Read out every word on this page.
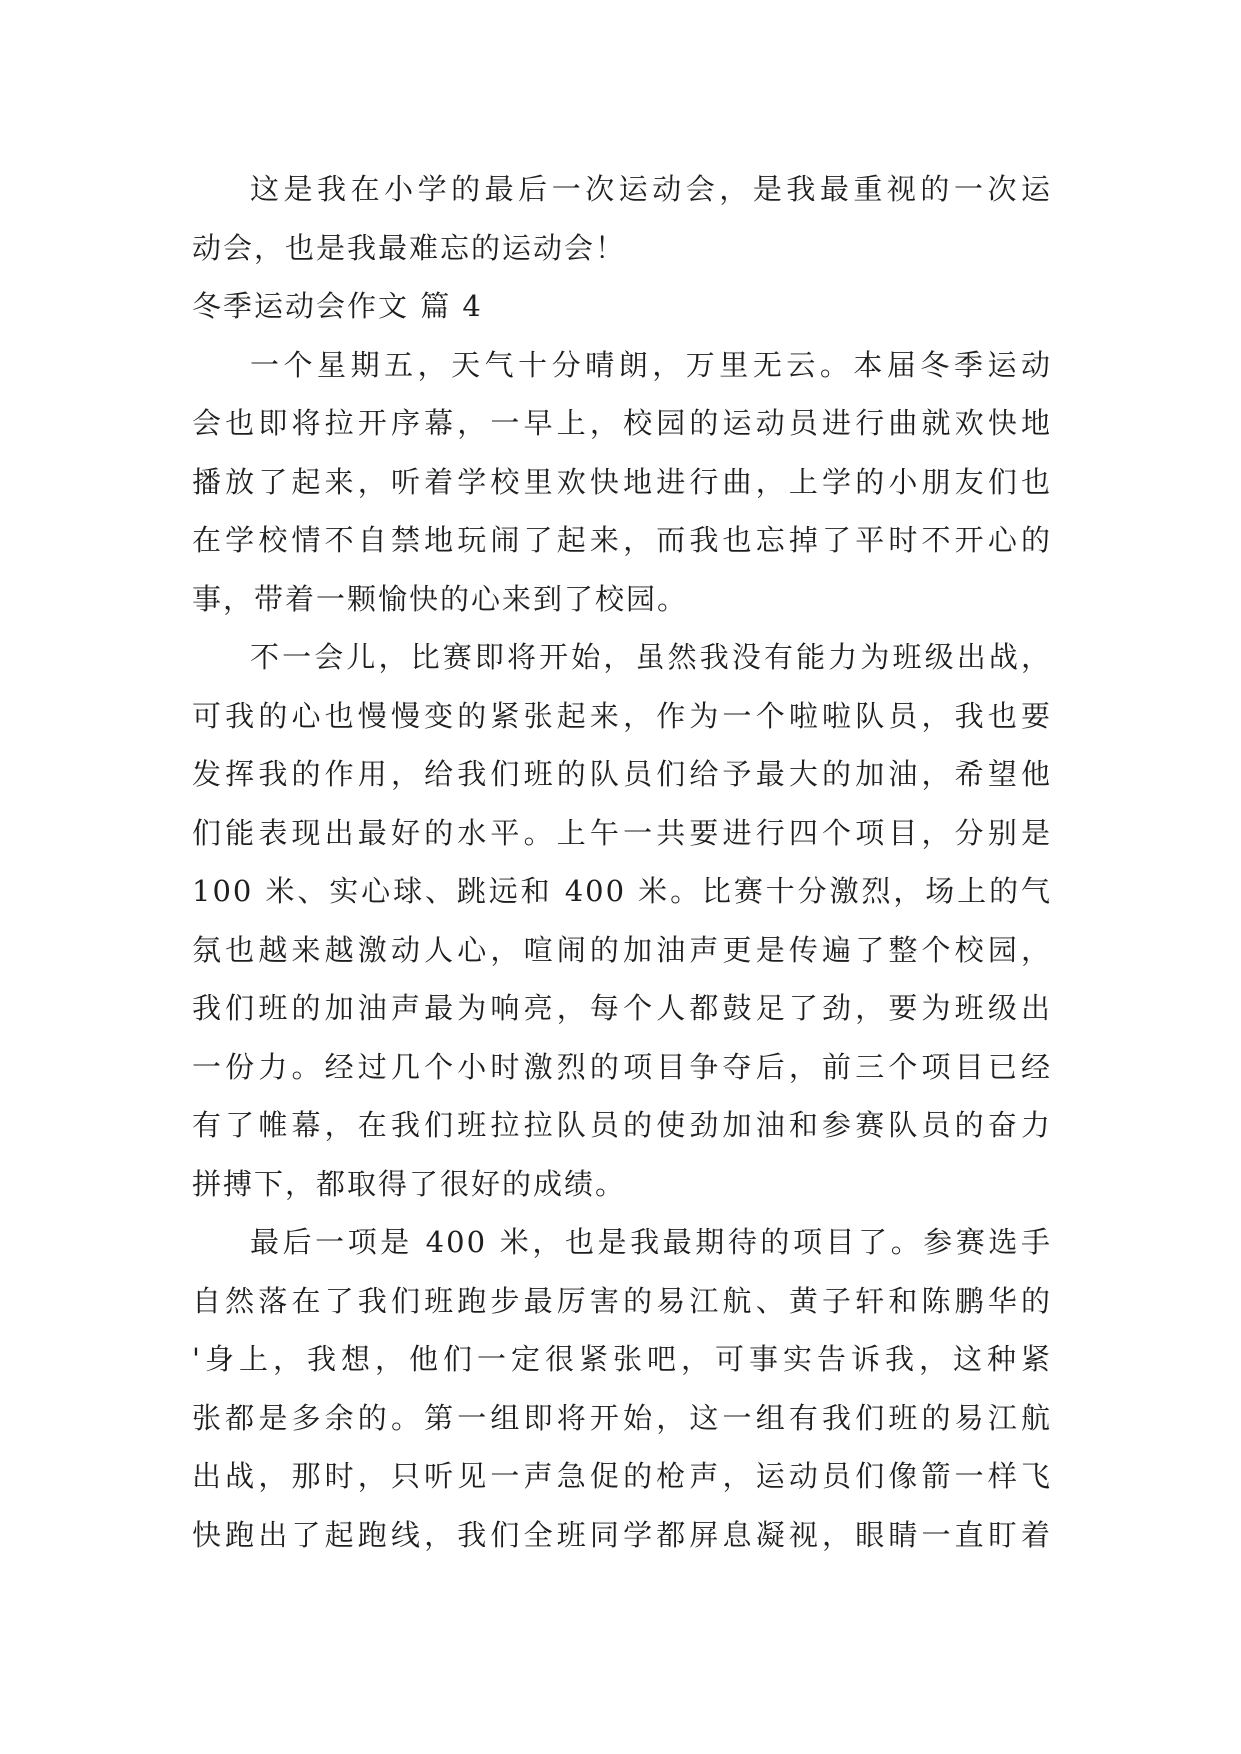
这是我在小学的最后一次运动会，是我最重视的一次运
动会，也是我最难忘的运动会！
冬季运动会作文 篇 4
一个星期五，天气十分晴朗，万里无云。本届冬季运动
会也即将拉开序幕，一早上，校园的运动员进行曲就欢快地
播放了起来，听着学校里欢快地进行曲，上学的小朋友们也
在学校情不自禁地玩闹了起来，而我也忘掉了平时不开心的
事，带着一颗愉快的心来到了校园。
不一会儿，比赛即将开始，虽然我没有能力为班级出战，
可我的心也慢慢变的紧张起来，作为一个啦啦队员，我也要
发挥我的作用，给我们班的队员们给予最大的加油，希望他
们能表现出最好的水平。上午一共要进行四个项目，分别是
100 米、实心球、跳远和 400 米。比赛十分激烈，场上的气
氛也越来越激动人心，喧闹的加油声更是传遍了整个校园，
我们班的加油声最为响亮，每个人都鼓足了劲，要为班级出
一份力。经过几个小时激烈的项目争夺后，前三个项目已经
有了帷幕，在我们班拉拉队员的使劲加油和参赛队员的奋力
拼搏下，都取得了很好的成绩。
最后一项是 400 米，也是我最期待的项目了。参赛选手
自然落在了我们班跑步最厉害的易江航、黄子轩和陈鹏华的
'身上，我想，他们一定很紧张吧，可事实告诉我，这种紧
张都是多余的。第一组即将开始，这一组有我们班的易江航
出战，那时，只听见一声急促的枪声，运动员们像箭一样飞
快跑出了起跑线，我们全班同学都屏息凝视，眼睛一直盯着
